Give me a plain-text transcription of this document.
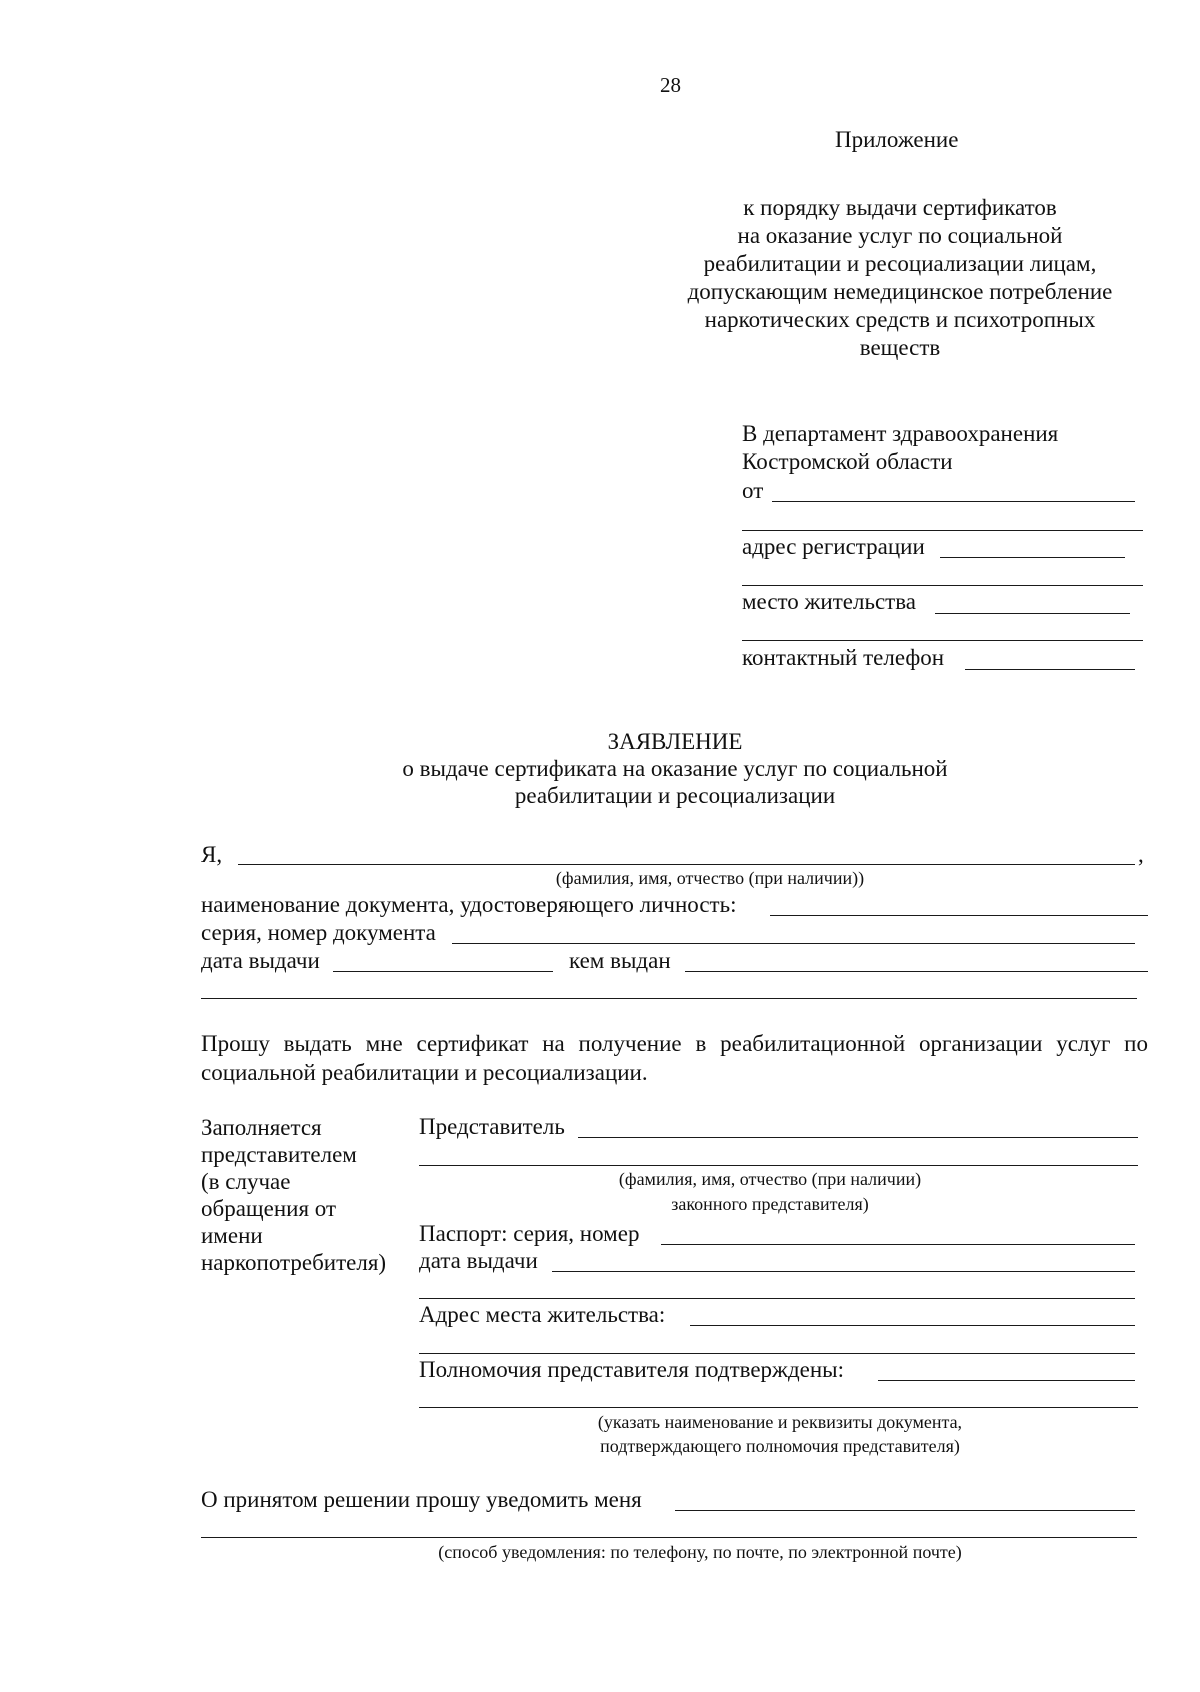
28
Приложение
к порядку выдачи сертификатов
на оказание услуг по социальной
реабилитации и ресоциализации лицам,
допускающим немедицинское потребление
наркотических средств и психотропных
веществ
В департамент здравоохранения
Костромской области
от
адрес регистрации
место жительства
контактный телефон
ЗАЯВЛЕНИЕ
о выдаче сертификата на оказание услуг по социальной
реабилитации и ресоциализации
Я,	,
(фамилия, имя, отчество (при наличии))
наименование документа, удостоверяющего личность:
серия, номер документа
дата выдачи	кем выдан
Прошу выдать мне сертификат на получение в реабилитационной организации услуг по
социальной реабилитации и ресоциализации.
Заполняется
представителем
(в случае
обращения от
имени
наркопотребителя)
Представитель
(фамилия, имя, отчество (при наличии)
законного представителя)
Паспорт: серия, номер
дата выдачи
Адрес места жительства:
Полномочия представителя подтверждены:
(указать наименование и реквизиты документа,
подтверждающего полномочия представителя)
О принятом решении прошу уведомить меня
(способ уведомления: по телефону, по почте, по электронной почте)
